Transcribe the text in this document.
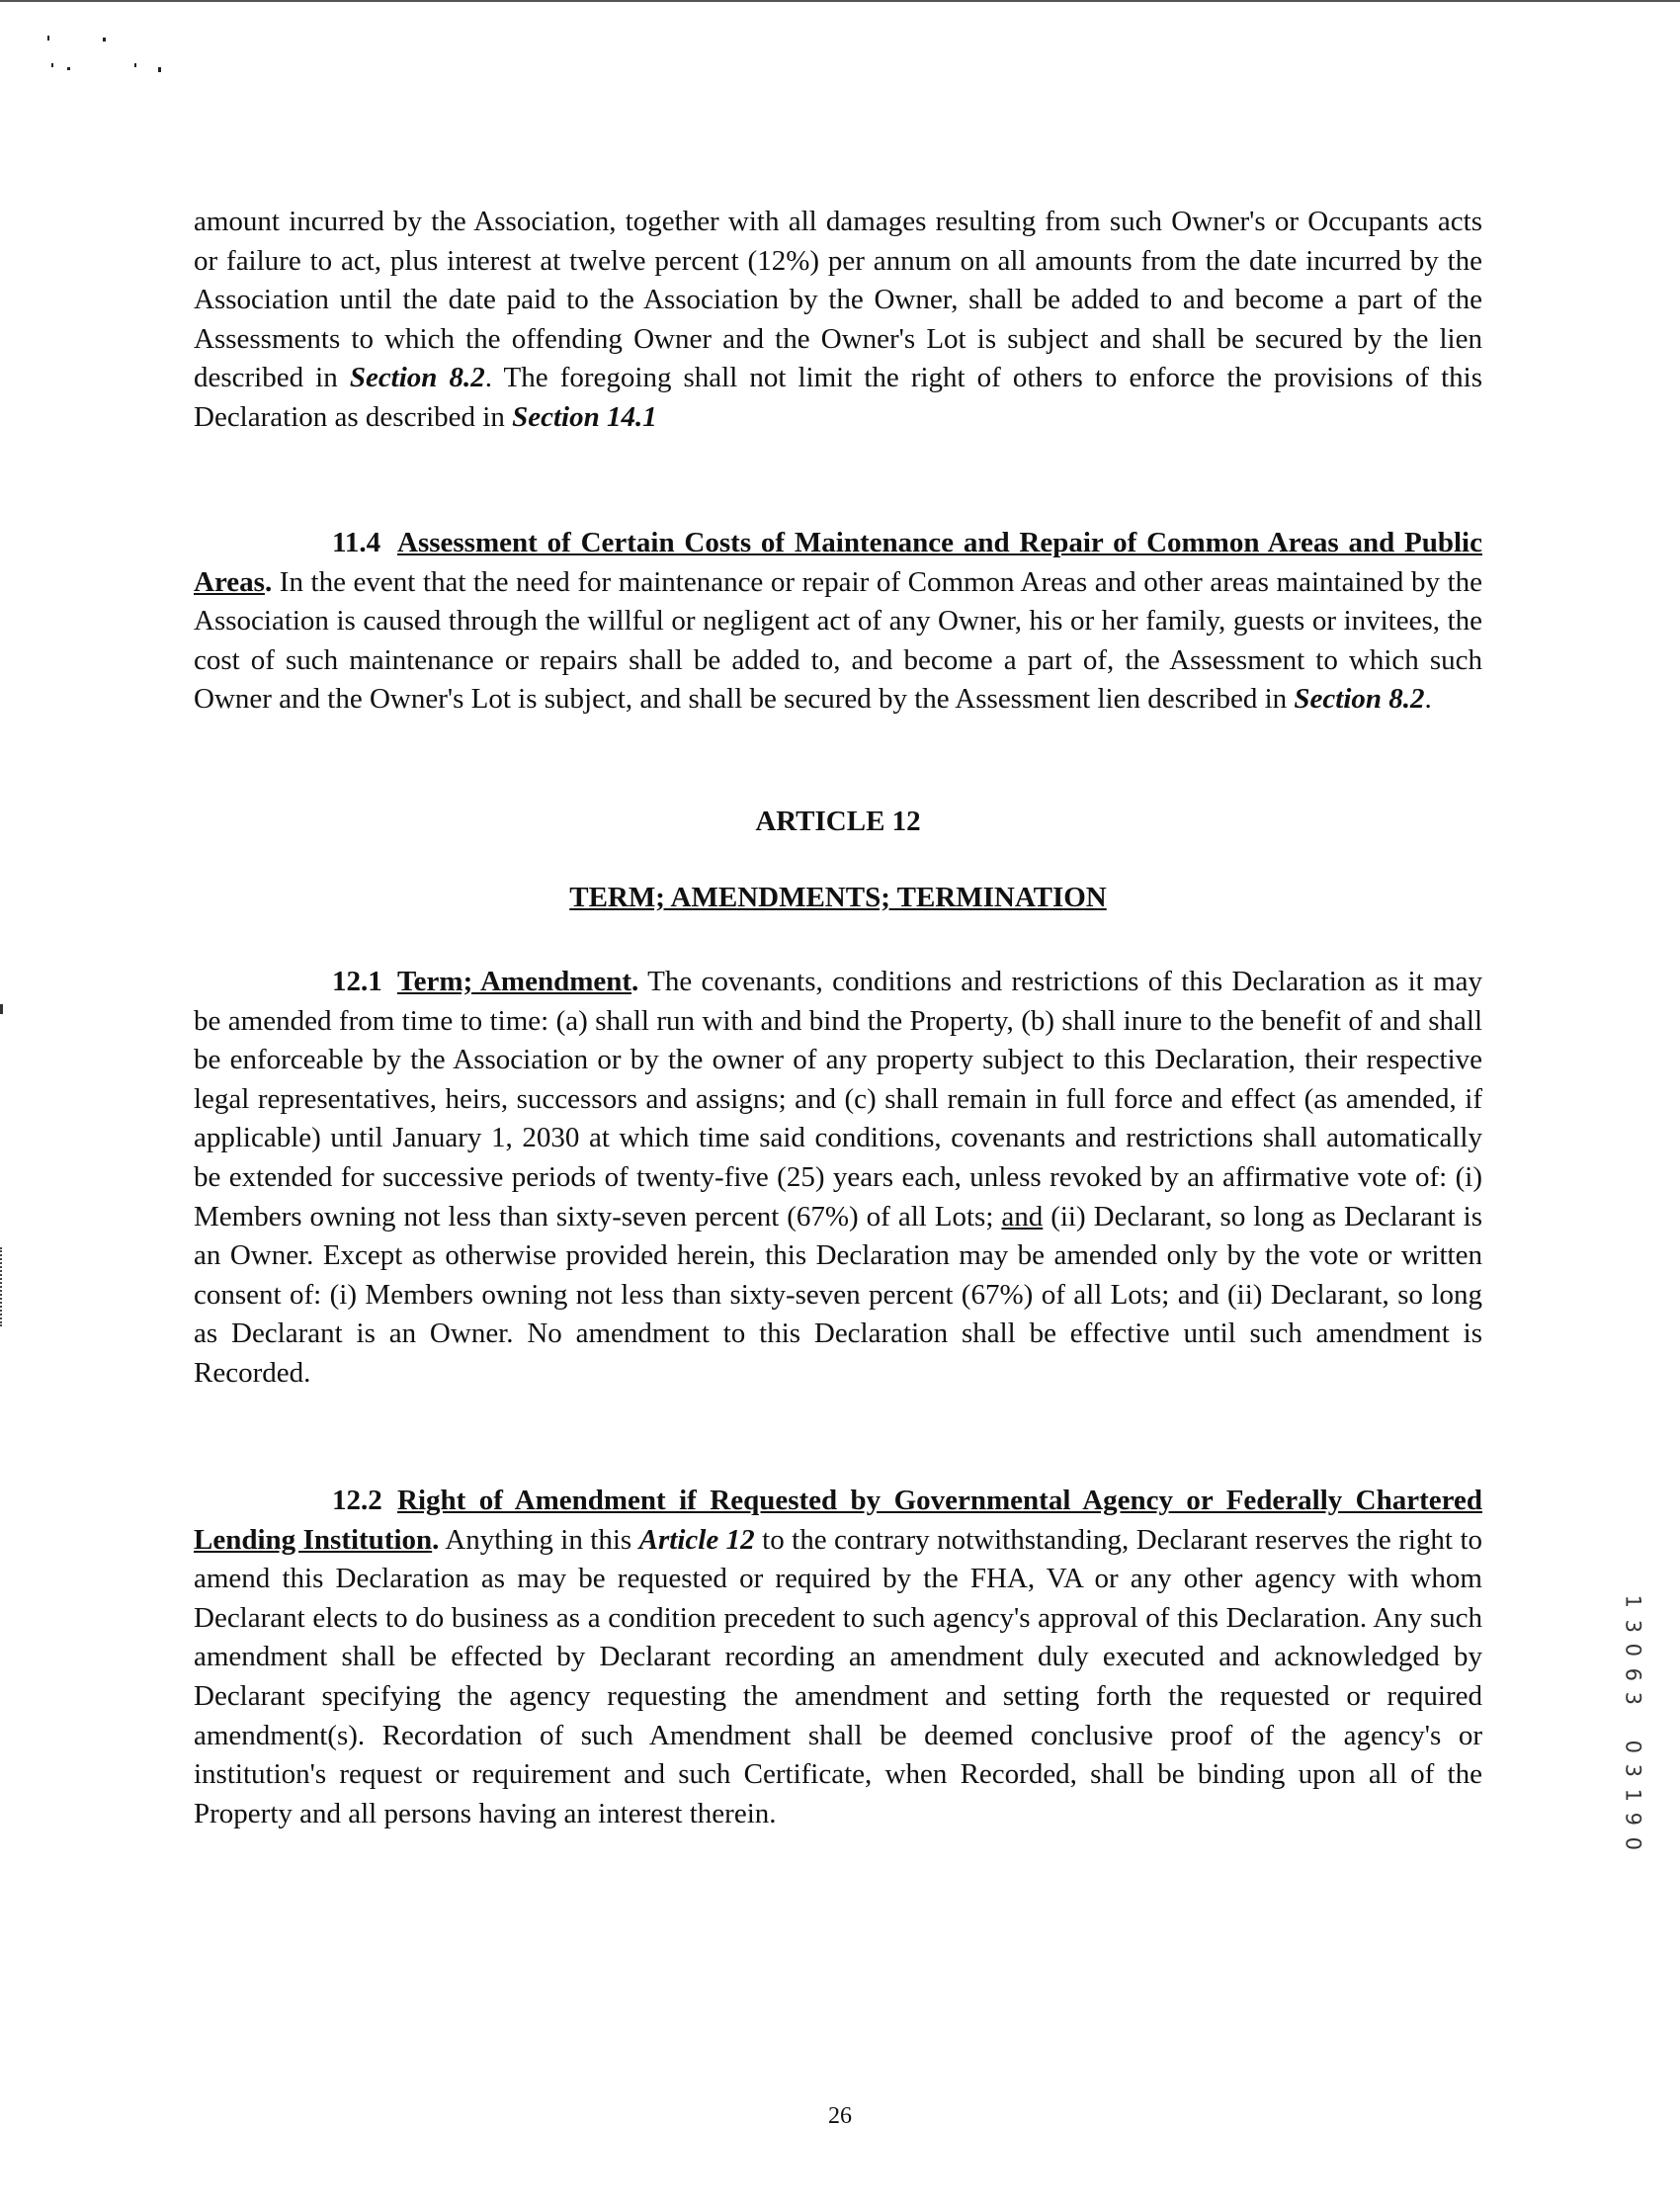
amount incurred by the Association, together with all damages resulting from such Owner's or Occupants acts or failure to act, plus interest at twelve percent (12%) per annum on all amounts from the date incurred by the Association until the date paid to the Association by the Owner, shall be added to and become a part of the Assessments to which the offending Owner and the Owner's Lot is subject and shall be secured by the lien described in Section 8.2. The foregoing shall not limit the right of others to enforce the provisions of this Declaration as described in Section 14.1
11.4 Assessment of Certain Costs of Maintenance and Repair of Common Areas and Public Areas. In the event that the need for maintenance or repair of Common Areas and other areas maintained by the Association is caused through the willful or negligent act of any Owner, his or her family, guests or invitees, the cost of such maintenance or repairs shall be added to, and become a part of, the Assessment to which such Owner and the Owner's Lot is subject, and shall be secured by the Assessment lien described in Section 8.2.
ARTICLE 12
TERM; AMENDMENTS; TERMINATION
12.1 Term; Amendment. The covenants, conditions and restrictions of this Declaration as it may be amended from time to time: (a) shall run with and bind the Property, (b) shall inure to the benefit of and shall be enforceable by the Association or by the owner of any property subject to this Declaration, their respective legal representatives, heirs, successors and assigns; and (c) shall remain in full force and effect (as amended, if applicable) until January 1, 2030 at which time said conditions, covenants and restrictions shall automatically be extended for successive periods of twenty-five (25) years each, unless revoked by an affirmative vote of: (i) Members owning not less than sixty-seven percent (67%) of all Lots; and (ii) Declarant, so long as Declarant is an Owner. Except as otherwise provided herein, this Declaration may be amended only by the vote or written consent of: (i) Members owning not less than sixty-seven percent (67%) of all Lots; and (ii) Declarant, so long as Declarant is an Owner. No amendment to this Declaration shall be effective until such amendment is Recorded.
12.2 Right of Amendment if Requested by Governmental Agency or Federally Chartered Lending Institution. Anything in this Article 12 to the contrary notwithstanding, Declarant reserves the right to amend this Declaration as may be requested or required by the FHA, VA or any other agency with whom Declarant elects to do business as a condition precedent to such agency's approval of this Declaration. Any such amendment shall be effected by Declarant recording an amendment duly executed and acknowledged by Declarant specifying the agency requesting the amendment and setting forth the requested or required amendment(s). Recordation of such Amendment shall be deemed conclusive proof of the agency's or institution's request or requirement and such Certificate, when Recorded, shall be binding upon all of the Property and all persons having an interest therein.
26
1
3
0
6
3
0
3
1
9
0
